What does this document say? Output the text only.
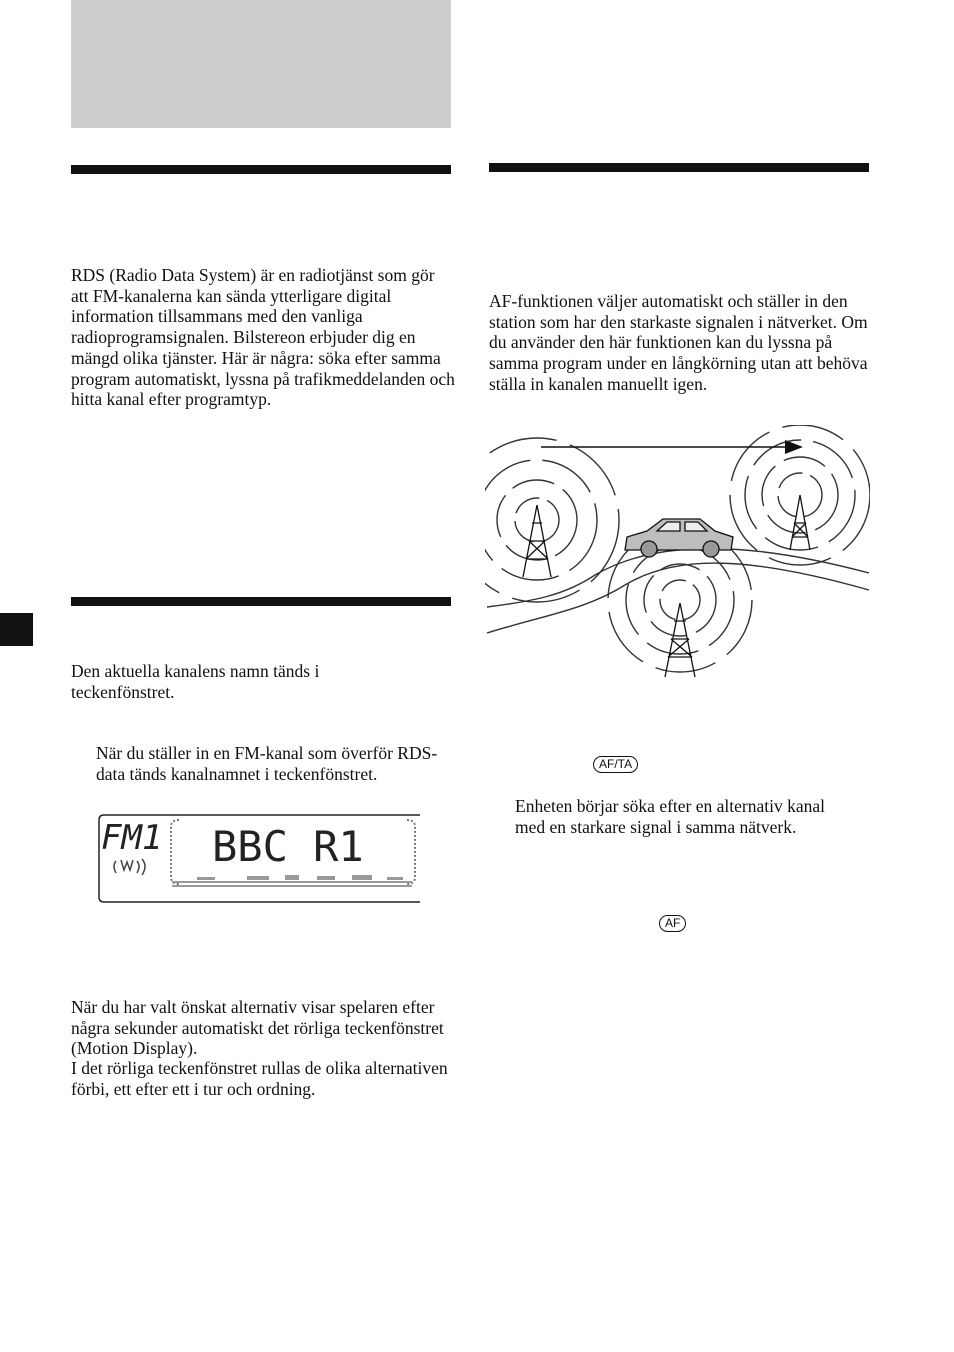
RDS (Radio Data System) är en radiotjänst som gör att FM-kanalerna kan sända ytterligare digital information tillsammans med den vanliga radioprogramsignalen. Bilstereon erbjuder dig en mängd olika tjänster. Här är några: söka efter samma program automatiskt, lyssna på trafikmeddelanden och hitta kanal efter programtyp.
Den aktuella kanalens namn tänds i teckenfönstret.
När du ställer in en FM-kanal som överför RDS-data tänds kanalnamnet i teckenfönstret.
FM1 BBC R1
När du har valt önskat alternativ visar spelaren efter några sekunder automatiskt det rörliga teckenfönstret (Motion Display).
I det rörliga teckenfönstret rullas de olika alternativen förbi, ett efter ett i tur och ordning.
AF-funktionen väljer automatiskt och ställer in den station som har den starkaste signalen i nätverket. Om du använder den här funktionen kan du lyssna på samma program under en långkörning utan att behöva ställa in kanalen manuellt igen.
AF/TA
Enheten börjar söka efter en alternativ kanal med en starkare signal i samma nätverk.
AF
